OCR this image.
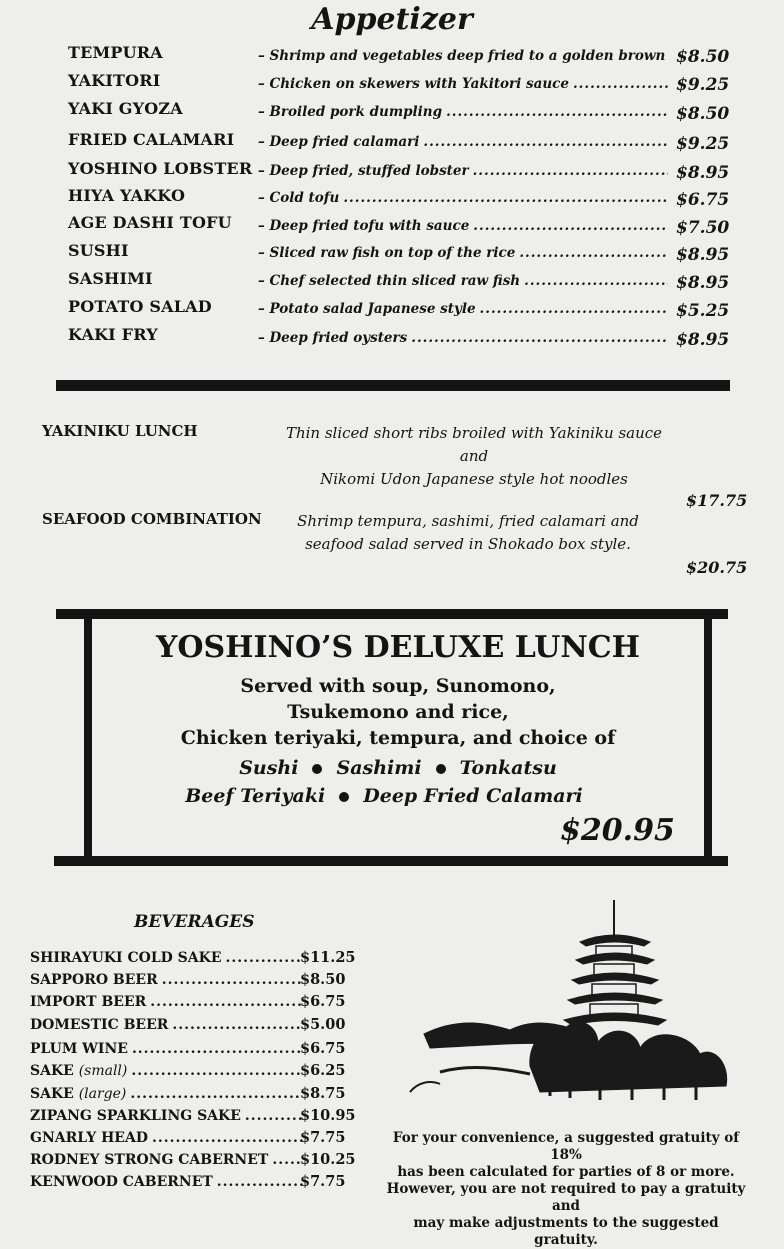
Appetizer
TEMPURA	– Shrimp and vegetables deep fried to a golden brown $8.50
YAKITORI	– Chicken on skewers with Yakitori sauce .....	$9.25
YAKI GYOZA	– Broiled pork dumpling .....	$8.50
FRIED CALAMARI – Deep fried calamari .....	$9.25
YOSHINO LOBSTER – Deep fried, stuffed lobster .....	$8.95
HIYA YAKKO	– Cold tofu .....	$6.75
AGE DASHI TOFU – Deep fried tofu with sauce .....	$7.50
SUSHI	– Sliced raw fish on top of the rice .....	$8.95
SASHIMI	– Chef selected thin sliced raw fish .....	$8.95
POTATO SALAD	– Potato salad Japanese style .....	$5.25
KAKI FRY	– Deep fried oysters .....	$8.95
YAKINIKU LUNCH	Thin sliced short ribs broiled with Yakiniku sauce
and
Nikomi Udon Japanese style hot noodles
$17.75
SEAFOOD COMBINATION	Shrimp tempura, sashimi, fried calamari and
seafood salad served in Shokado box style.
$20.75
YOSHINO’S DELUXE LUNCH
Served with soup, Sunomono,
Tsukemono and rice,
Chicken teriyaki, tempura, and choice of
Sushi Sashimi Tonkatsu
Beef Teriyaki Deep Fried Calamari
$20.95
BEVERAGES
SHIRAYUKI COLD SAKE .....	$11.25
SAPPORO BEER .....	$8.50
IMPORT BEER .....	$6.75
DOMESTIC BEER .....	$5.00
PLUM WINE .....	$6.75
SAKE
(small) .....	$6.25
SAKE
(large) .....	$8.75
ZIPANG SPARKLING SAKE .....	$10.95
GNARLY HEAD .....	$7.75
RODNEY STRONG CABERNET ..... $10.25
KENWOOD CABERNET .....	$7.75
For your convenience, a suggested gratuity of 18%
has been calculated for parties of 8 or more.
However, you are not required to pay a gratuity and
may make adjustments to the suggested gratuity.
